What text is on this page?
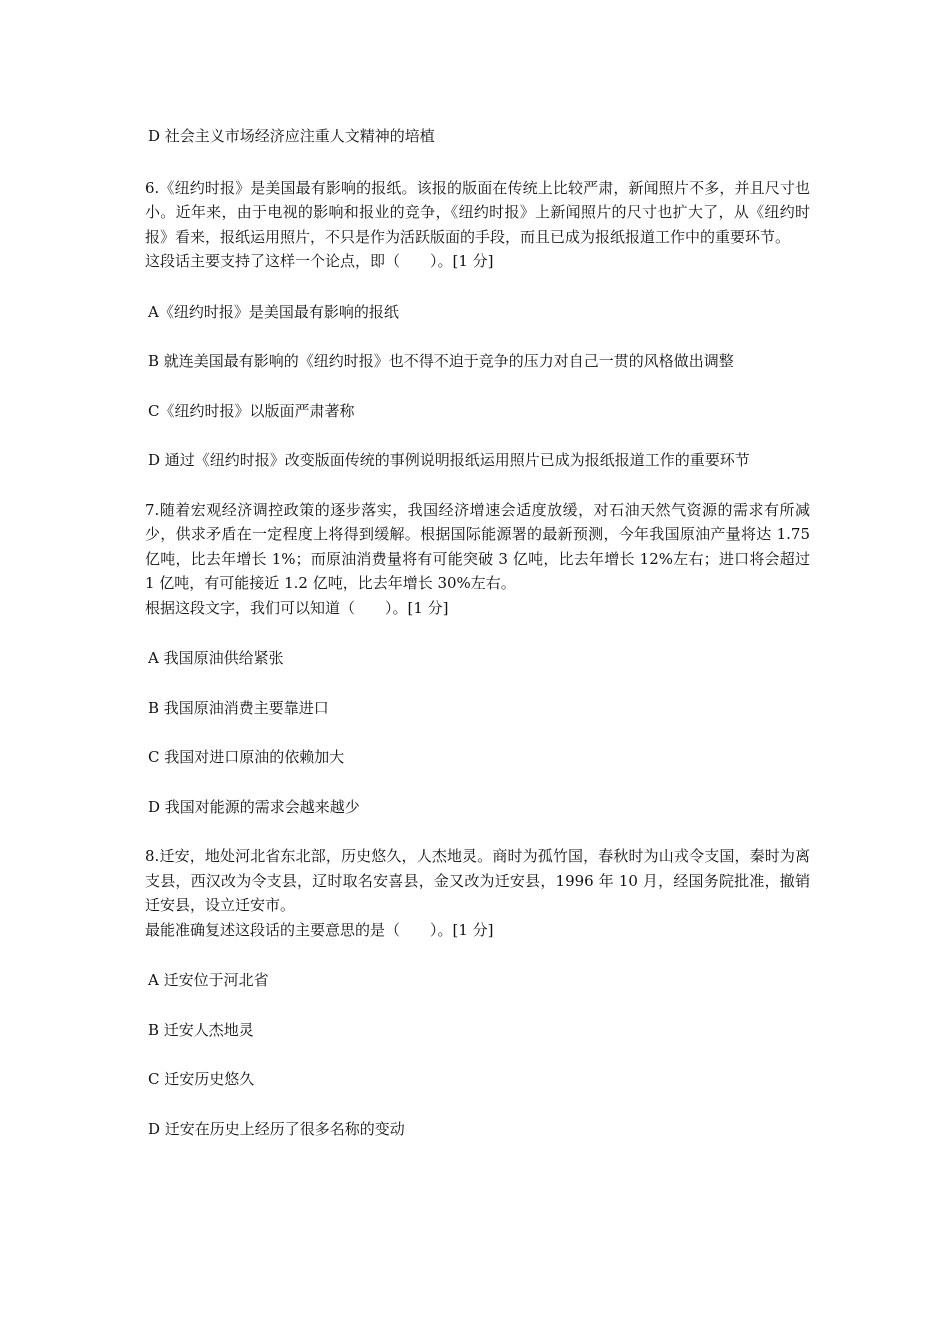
D 社会主义市场经济应注重人文精神的培植

6.《纽约时报》是美国最有影响的报纸。该报的版面在传统上比较严肃，新闻照片不多，并且尺寸也小。近年来，由于电视的影响和报业的竞争，《纽约时报》上新闻照片的尺寸也扩大了，从《纽约时报》看来，报纸运用照片，不只是作为活跃版面的手段，而且已成为报纸报道工作中的重要环节。

这段话主要支持了这样一个论点，即（　　）。[1 分]

A《纽约时报》是美国最有影响的报纸
B 就连美国最有影响的《纽约时报》也不得不迫于竞争的压力对自己一贯的风格做出调整
C《纽约时报》以版面严肃著称
D 通过《纽约时报》改变版面传统的事例说明报纸运用照片已成为报纸报道工作的重要环节

7.随着宏观经济调控政策的逐步落实，我国经济增速会适度放缓，对石油天然气资源的需求有所减少，供求矛盾在一定程度上将得到缓解。根据国际能源署的最新预测，今年我国原油产量将达 1.75 亿吨，比去年增长 1%；而原油消费量将有可能突破 3 亿吨，比去年增长 12%左右；进口将会超过 1 亿吨，有可能接近 1.2 亿吨，比去年增长 30%左右。

根据这段文字，我们可以知道（　　）。[1 分]

A 我国原油供给紧张
B 我国原油消费主要靠进口
C 我国对进口原油的依赖加大
D 我国对能源的需求会越来越少

8.迁安，地处河北省东北部，历史悠久，人杰地灵。商时为孤竹国，春秋时为山戎令支国，秦时为离支县，西汉改为令支县，辽时取名安喜县，金又改为迁安县，1996 年 10 月，经国务院批准，撤销迁安县，设立迁安市。

最能准确复述这段话的主要意思的是（　　）。[1 分]

A 迁安位于河北省
B 迁安人杰地灵
C 迁安历史悠久
D 迁安在历史上经历了很多名称的变动
